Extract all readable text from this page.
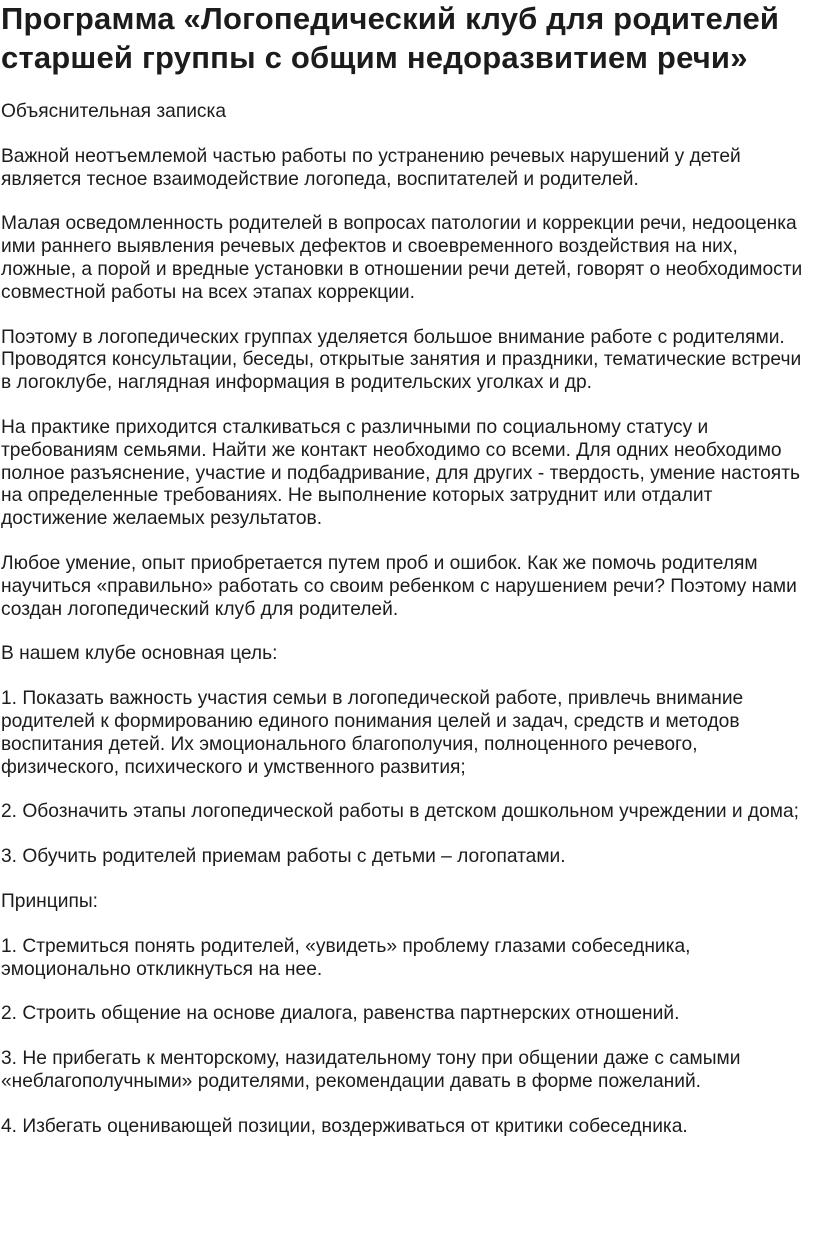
Программа «Логопедический клуб для родителей старшей группы с общим недоразвитием речи»

Объяснительная записка

Важной неотъемлемой частью работы по устранению речевых нарушений у детей является тесное взаимодействие логопеда, воспитателей и родителей.

Малая осведомленность родителей в вопросах патологии и коррекции речи, недооценка ими раннего выявления речевых дефектов и своевременного воздействия на них, ложные, а порой и вредные установки в отношении речи детей, говорят о необходимости совместной работы на всех этапах коррекции.

Поэтому в логопедических группах уделяется большое внимание работе с родителями. Проводятся консультации, беседы, открытые занятия и праздники, тематические встречи в логоклубе, наглядная информация в родительских уголках и др.

На практике приходится сталкиваться с различными по социальному статусу и требованиям семьями. Найти же контакт необходимо со всеми. Для одних необходимо полное разъяснение, участие и подбадривание, для других - твердость, умение настоять на определенные требованиях. Не выполнение которых затруднит или отдалит достижение желаемых результатов.

Любое умение, опыт приобретается путем проб и ошибок. Как же помочь родителям научиться «правильно» работать со своим ребенком с нарушением речи? Поэтому нами создан логопедический клуб для родителей.

В нашем клубе основная цель:

1. Показать важность участия семьи в логопедической работе, привлечь внимание родителей к формированию единого понимания целей и задач, средств и методов воспитания детей. Их эмоционального благополучия, полноценного речевого, физического, психического и умственного развития;

2. Обозначить этапы логопедической работы в детском дошкольном учреждении и дома;

3. Обучить родителей приемам работы с детьми – логопатами.

Принципы:

1. Стремиться понять родителей, «увидеть» проблему глазами собеседника, эмоционально откликнуться на нее.

2. Строить общение на основе диалога, равенства партнерских отношений.

3. Не прибегать к менторскому, назидательному тону при общении даже с самыми «неблагополучными» родителями, рекомендации давать в форме пожеланий.

4. Избегать оценивающей позиции, воздерживаться от критики собеседника.
